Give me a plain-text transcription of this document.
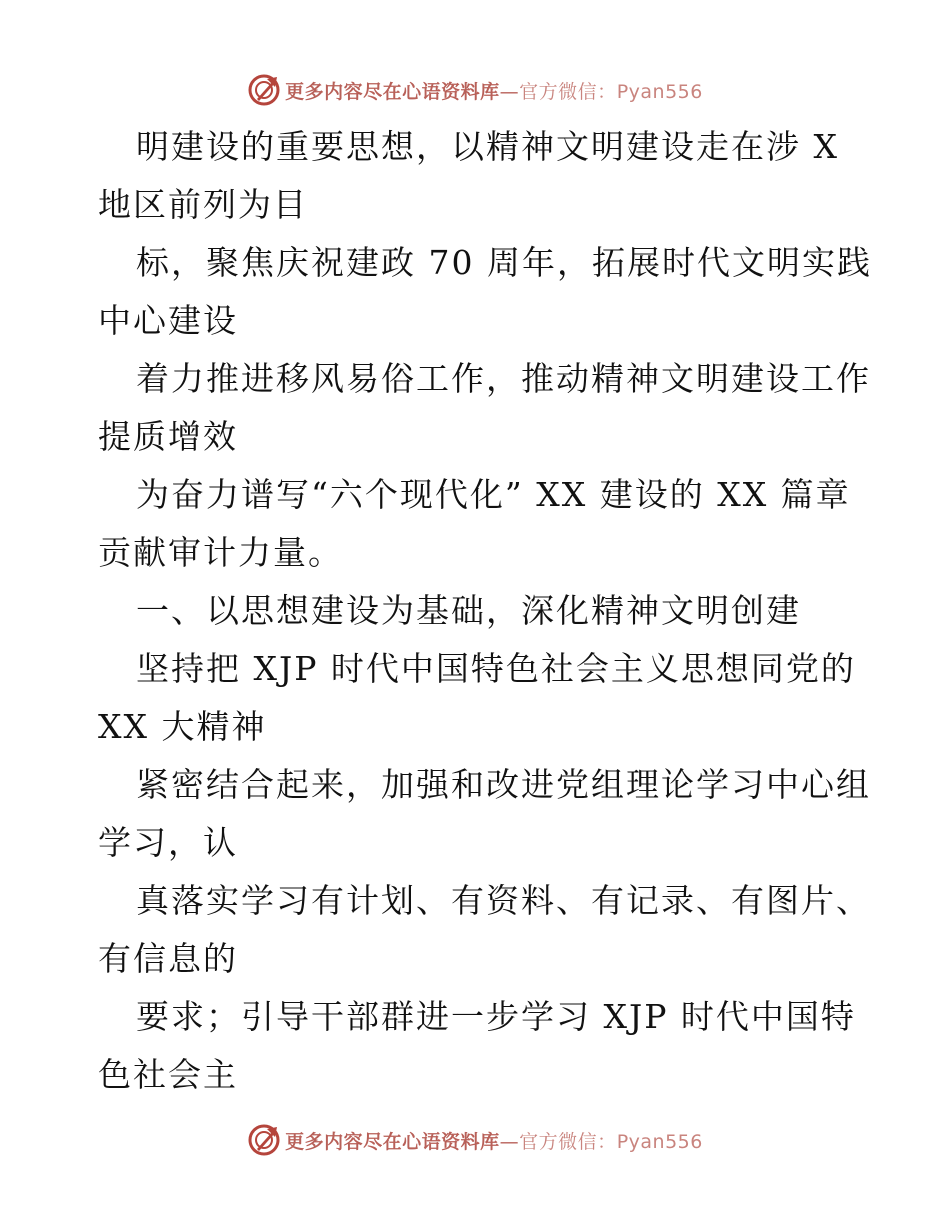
更多内容尽在心语资料库—官方微信：Pyan556
明建设的重要思想，以精神文明建设走在涉 X
地区前列为目
标，聚焦庆祝建政 70 周年，拓展时代文明实践
中心建设
着力推进移风易俗工作，推动精神文明建设工作
提质增效
为奋力谱写“六个现代化” XX 建设的 XX 篇章
贡献审计力量。
一、以思想建设为基础，深化精神文明创建
坚持把 XJP 时代中国特色社会主义思想同党的
XX 大精神
紧密结合起来，加强和改进党组理论学习中心组
学习，认
真落实学习有计划、有资料、有记录、有图片、
有信息的
要求；引导干部群进一步学习 XJP 时代中国特
色社会主
更多内容尽在心语资料库—官方微信：Pyan556
